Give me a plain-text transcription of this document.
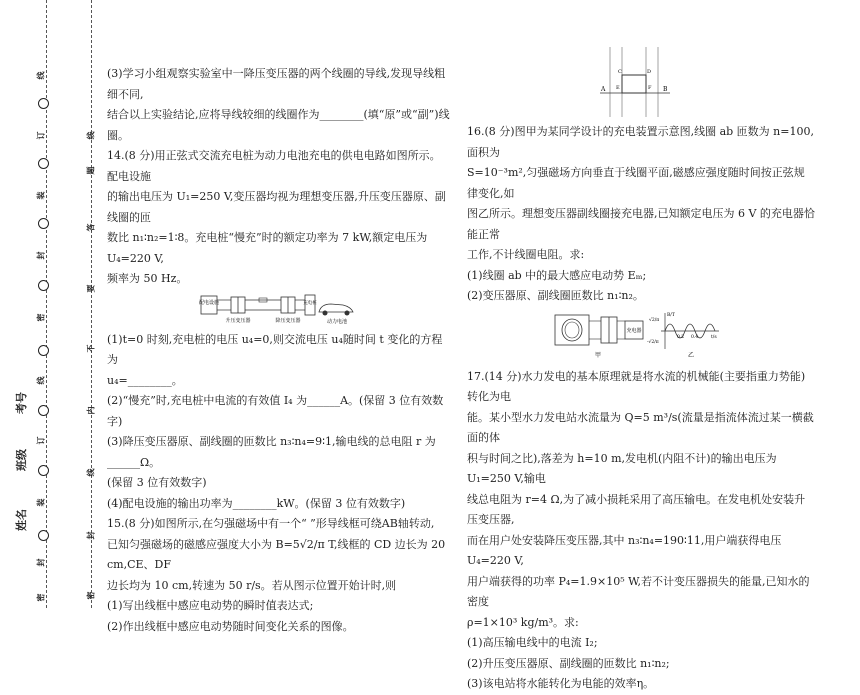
线
订
装
封
密
线
订
装
封
密
线
题
答
要
不
内
线
封
密
考号
班级
姓名

(3)学习小组观察实验室中一降压变压器的两个线圈的导线,发现导线粗细不同,

结合以上实验结论,应将导线较细的线圈作为________(填“原”或“副”)线

圈。

14.(8 分)用正弦式交流充电桩为动力电池充电的供电电路如图所示。配电设施

的输出电压为 U₁=250 V,变压器均视为理想变压器,升压变压器原、副线圈的匝

数比 n₁∶n₂=1∶8。充电桩“慢充”时的额定功率为 7 kW,额定电压为 U₄=220 V,

频率为 50 Hz。

配电设施	充电桩
升压变压器	降压变压器	动力电池

(1)t=0 时刻,充电桩的电压 u₄=0,则交流电压 u₄随时间 t 变化的方程为

u₄=________。

(2)“慢充”时,充电桩中电流的有效值 I₄ 为______A。(保留 3 位有效数字)

(3)降压变压器原、副线圈的匝数比 n₃∶n₄=9∶1,输电线的总电阻 r 为______Ω。

(保留 3 位有效数字)

(4)配电设施的输出功率为________kW。(保留 3 位有效数字)

15.(8 分)如图所示,在匀强磁场中有一个“ ”形导线框可绕AB轴转动,

已知匀强磁场的磁感应强度大小为 B=5√2/π T,线框的 CD 边长为 20 cm,CE、DF

边长均为 10 cm,转速为 50 r/s。若从图示位置开始计时,则

(1)写出线框中感应电动势的瞬时值表达式;

(2)作出线框中感应电动势随时间变化关系的图像。

A	B
E	F
C	D

16.(8 分)图甲为某同学设计的充电装置示意图,线圈 ab 匝数为 n=100,面积为

S=10⁻³m²,匀强磁场方向垂直于线圈平面,磁感应强度随时间按正弦规律变化,如

图乙所示。理想变压器副线圈接充电器,已知额定电压为 6 V 的充电器恰能正常

工作,不计线圈电阻。求:

(1)线圈 ab 中的最大感应电动势 Eₘ;

(2)变压器原、副线圈匝数比 n₁∶n₂。

充电器
甲
B/T
t/s
√2/π
-√2/π
0.2 0.4
乙

17.(14 分)水力发电的基本原理就是将水流的机械能(主要指重力势能)转化为电

能。某小型水力发电站水流量为 Q=5 m³/s(流量是指流体流过某一横截面的体

积与时间之比),落差为 h=10 m,发电机(内阻不计)的输出电压为 U₁=250 V,输电

线总电阻为 r=4 Ω,为了减小损耗采用了高压输电。在发电机处安装升压变压器,

而在用户处安装降压变压器,其中 n₃∶n₄=190∶11,用户端获得电压 U₄=220 V,

用户端获得的功率 P₄=1.9×10⁵ W,若不计变压器损失的能量,已知水的密度

ρ=1×10³ kg/m³。求:

(1)高压输电线中的电流 I₂;

(2)升压变压器原、副线圈的匝数比 n₁∶n₂;

(3)该电站将水能转化为电能的效率η。
